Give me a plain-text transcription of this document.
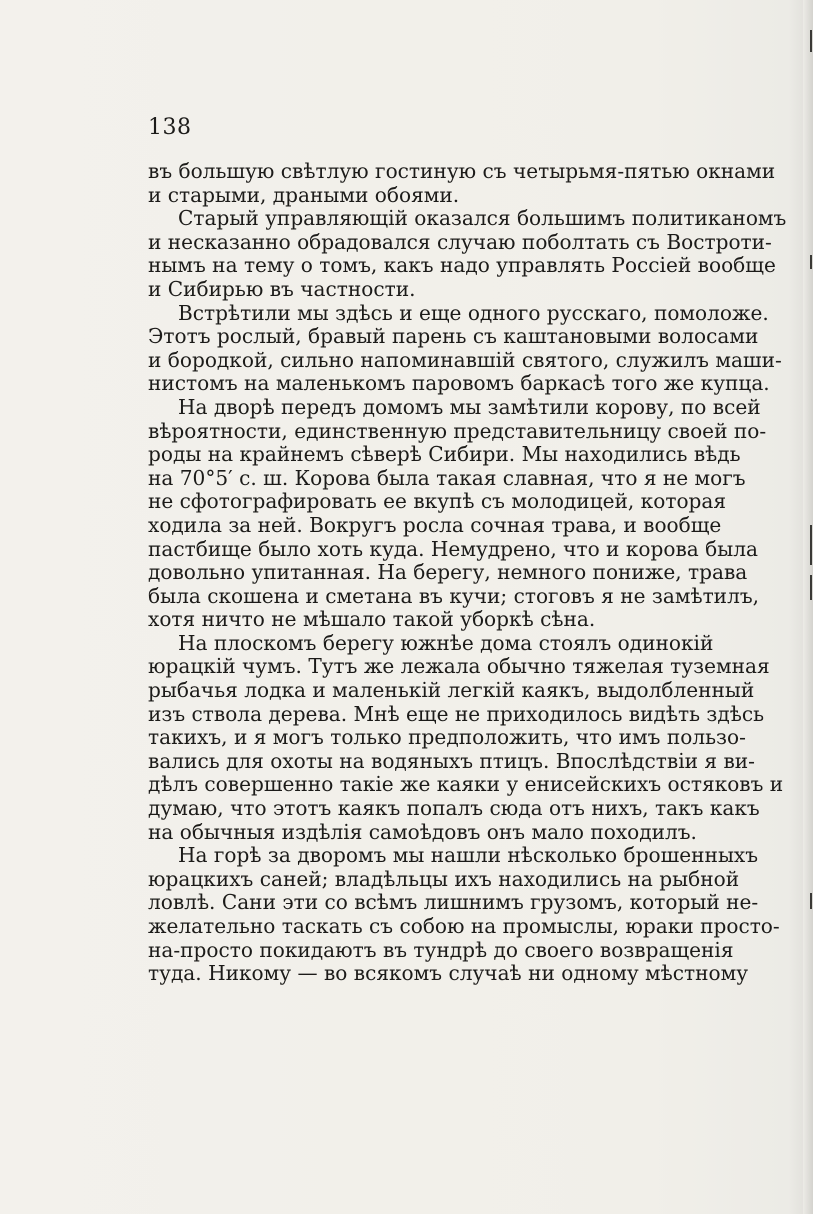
138
въ большую свѣтлую гостиную съ четырьмя-пятью окнами
и старыми, драными обоями.
Старый управляющій оказался большимъ политиканомъ
и несказанно обрадовался случаю поболтать съ Востроти-
нымъ на тему о томъ, какъ надо управлять Россіей вообще
и Сибирью въ частности.
Встрѣтили мы здѣсь и еще одного русскаго, помоложе.
Этотъ рослый, бравый парень съ каштановыми волосами
и бородкой, сильно напоминавшій святого, служилъ маши-
нистомъ на маленькомъ паровомъ баркасѣ того же купца.
На дворѣ передъ домомъ мы замѣтили корову, по всей
вѣроятности, единственную представительницу своей по-
роды на крайнемъ сѣверѣ Сибири. Мы находились вѣдь
на 70°5′ с. ш. Корова была такая славная, что я не могъ
не сфотографировать ее вкупѣ съ молодицей, которая
ходила за ней. Вокругъ росла сочная трава, и вообще
пастбище было хоть куда. Немудрено, что и корова была
довольно упитанная. На берегу, немного пониже, трава
была скошена и сметана въ кучи; стоговъ я не замѣтилъ,
хотя ничто не мѣшало такой уборкѣ сѣна.
На плоскомъ берегу южнѣе дома стоялъ одинокій
юрацкій чумъ. Тутъ же лежала обычно тяжелая туземная
рыбачья лодка и маленькій легкій каякъ, выдолбленный
изъ ствола дерева. Мнѣ еще не приходилось видѣть здѣсь
такихъ, и я могъ только предположить, что имъ пользо-
вались для охоты на водяныхъ птицъ. Впослѣдствіи я ви-
дѣлъ совершенно такіе же каяки у енисейскихъ остяковъ и
думаю, что этотъ каякъ попалъ сюда отъ нихъ, такъ какъ
на обычныя издѣлія самоѣдовъ онъ мало походилъ.
На горѣ за дворомъ мы нашли нѣсколько брошенныхъ
юрацкихъ саней; владѣльцы ихъ находились на рыбной
ловлѣ. Сани эти со всѣмъ лишнимъ грузомъ, который не-
желательно таскать съ собою на промыслы, юраки просто-
на-просто покидаютъ въ тундрѣ до своего возвращенія
туда. Никому — во всякомъ случаѣ ни одному мѣстному
